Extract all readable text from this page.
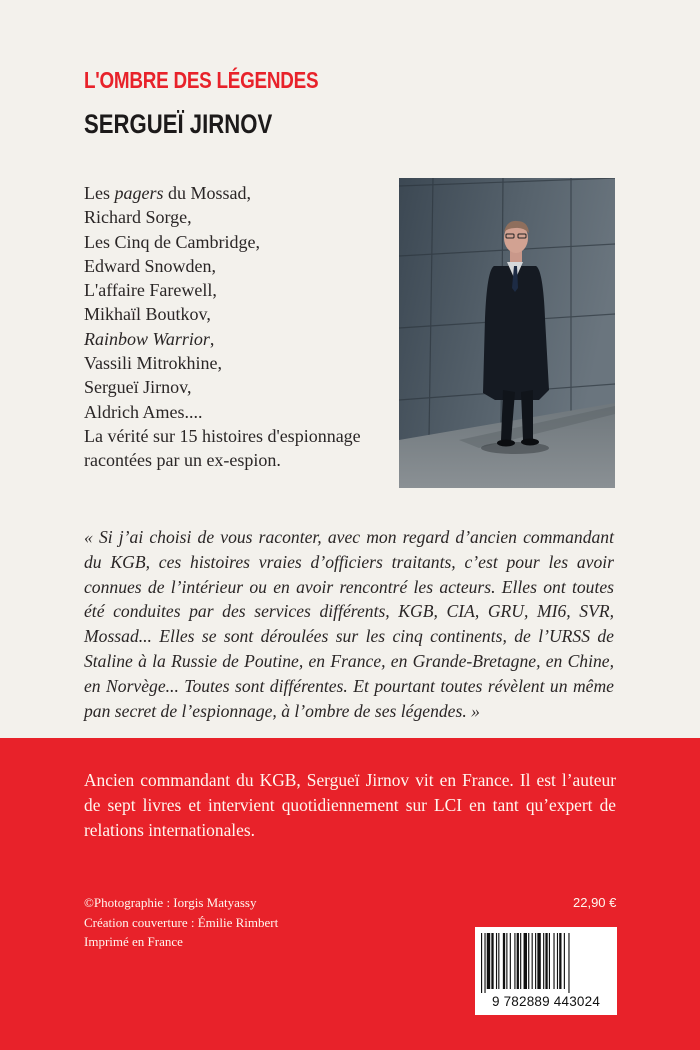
L'OMBRE DES LÉGENDES
SERGUEÏ JIRNOV
Les pagers du Mossad,
Richard Sorge,
Les Cinq de Cambridge,
Edward Snowden,
L'affaire Farewell,
Mikhaïl Boutkov,
Rainbow Warrior,
Vassili Mitrokhine,
Sergueï Jirnov,
Aldrich Ames....
La vérité sur 15 histoires d'espionnage
racontées par un ex-espion.

« Si j’ai choisi de vous raconter, avec mon regard d’ancien commandant du KGB, ces histoires vraies d’officiers traitants, c’est pour les avoir connues de l’intérieur ou en avoir rencontré les acteurs. Elles ont toutes été conduites par des services différents, KGB, CIA, GRU, MI6, SVR, Mossad... Elles se sont déroulées sur les cinq continents, de l’URSS de Staline à la Russie de Poutine, en France, en Grande-Bretagne, en Chine, en Norvège... Toutes sont différentes. Et pourtant toutes révèlent un même pan secret de l’espionnage, à l’ombre de ses légendes. »

Ancien commandant du KGB, Sergueï Jirnov vit en France. Il est l’auteur de sept livres et intervient quotidiennement sur LCI en tant qu’expert de relations internationales.

©Photographie : Iorgis Matyassy
Création couverture : Émilie Rimbert
Imprimé en France
22,90 €
9 782889 443024
